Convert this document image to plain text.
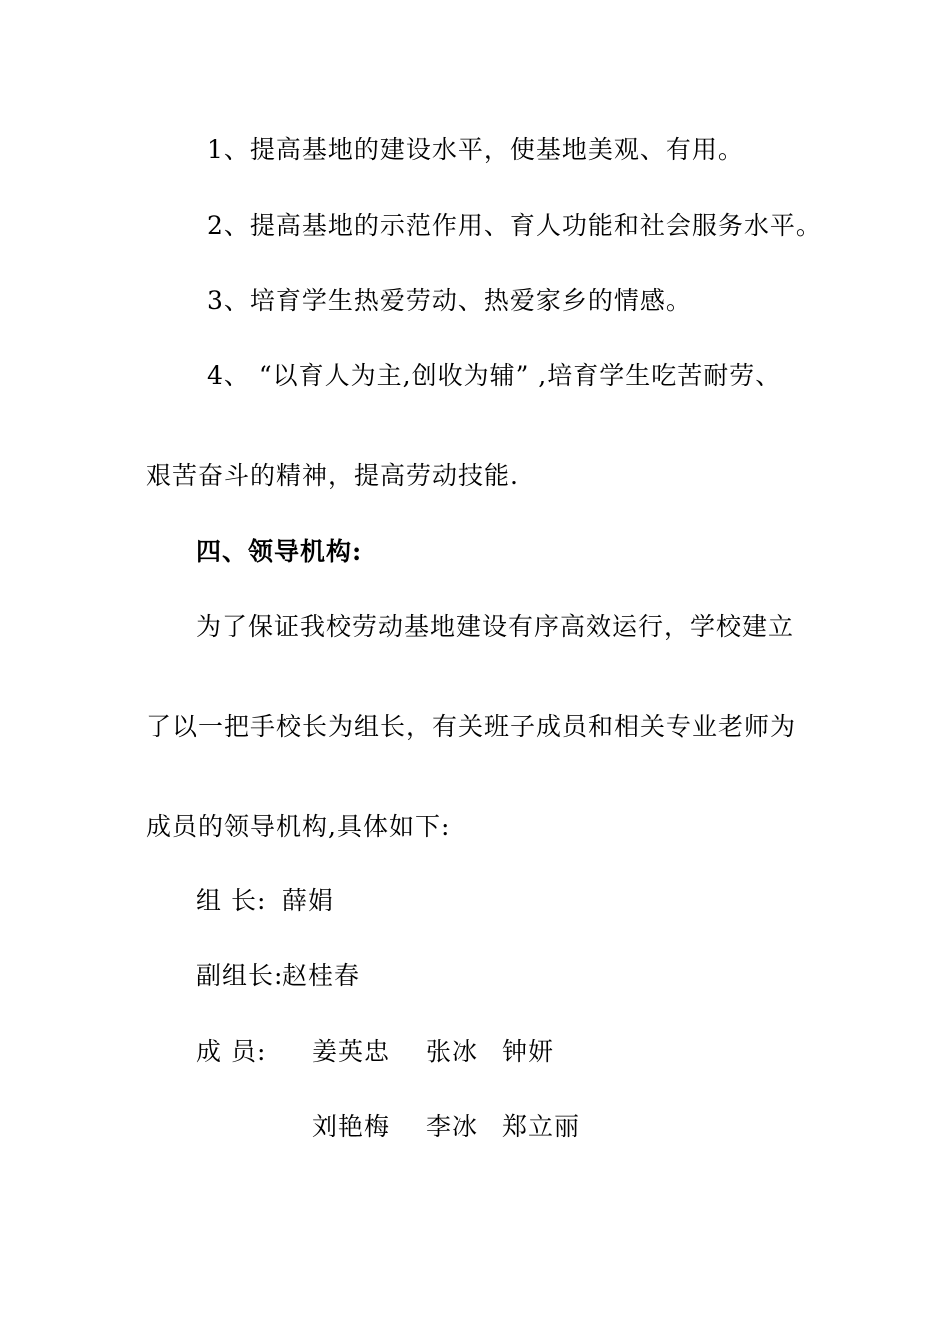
1、提高基地的建设水平，使基地美观、有用。
2、提高基地的示范作用、育人功能和社会服务水平。
3、培育学生热爱劳动、热爱家乡的情感。
4、 “以育人为主,创收为辅” ,培育学生吃苦耐劳、
艰苦奋斗的精神，提高劳动技能.
四、领导机构:
为了保证我校劳动基地建设有序高效运行，学校建立
了以一把手校长为组长，有关班子成员和相关专业老师为
成员的领导机构,具体如下:
组 长: 薛娟
副组长:
赵桂春
成 员: 姜英忠 张冰 钟妍
刘艳梅 李冰 郑立丽
